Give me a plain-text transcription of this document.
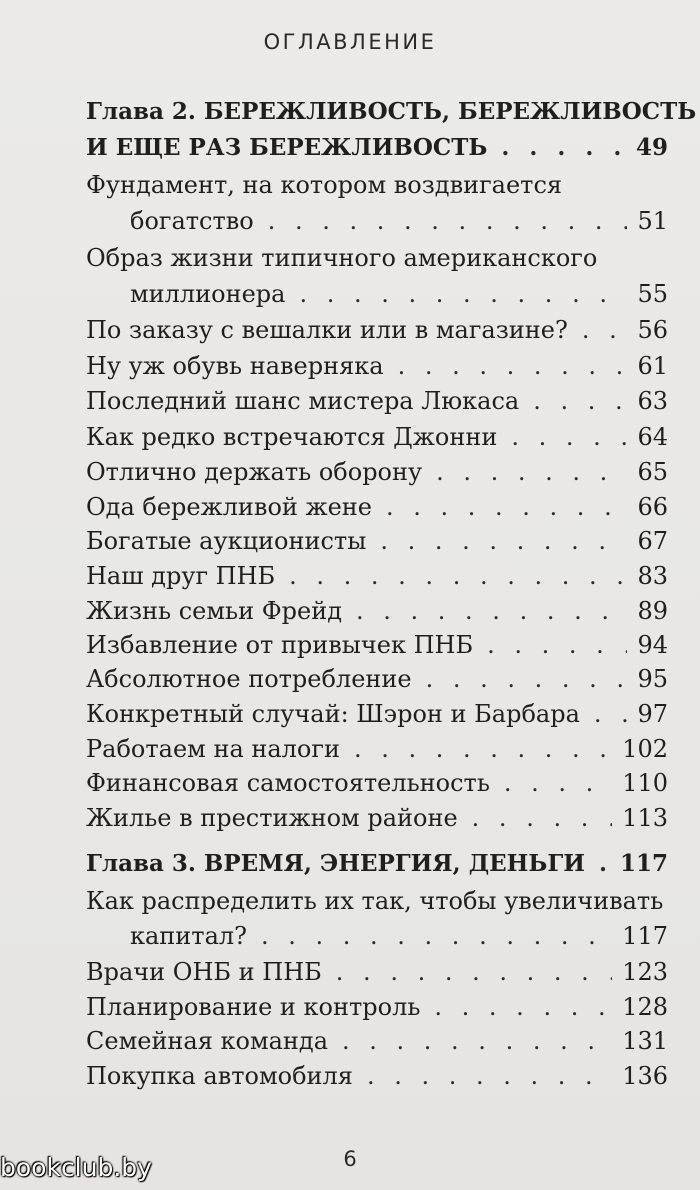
ОГЛАВЛЕНИЕ
Глава 2. БЕРЕЖЛИВОСТЬ, БЕРЕЖЛИВОСТЬ
И ЕЩЕ РАЗ БЕРЕЖЛИВОСТЬ . . .	49
Фундамент, на котором воздвигается
богатство . . .	51
Образ жизни типичного американского
миллионера . . .	55
По заказу с вешалки или в магазине? . . .	56
Ну уж обувь наверняка . . .	61
Последний шанс мистера Люкаса . . .	63
Как редко встречаются Джонни . . .	64
Отлично держать оборону . . .	65
Ода бережливой жене . . .	66
Богатые аукционисты . . .	67
Наш друг ПНБ . . .	83
Жизнь семьи Фрейд . . .	89
Избавление от привычек ПНБ . . .	94
Абсолютное потребление . . .	95
Конкретный случай: Шэрон и Барбара . . . 97
Работаем на налоги . . .	102
Финансовая самостоятельность . . .	110
Жилье в престижном районе . . .	113
Глава 3. ВРЕМЯ, ЭНЕРГИЯ, ДЕНЬГИ . . . 117
Как распределить их так, чтобы увеличивать
капитал? . . .	117
Врачи ОНБ и ПНБ . . .	123
Планирование и контроль . . .	128
Семейная команда . . .	131
Покупка автомобиля . . .	136
6
bookclub.by
